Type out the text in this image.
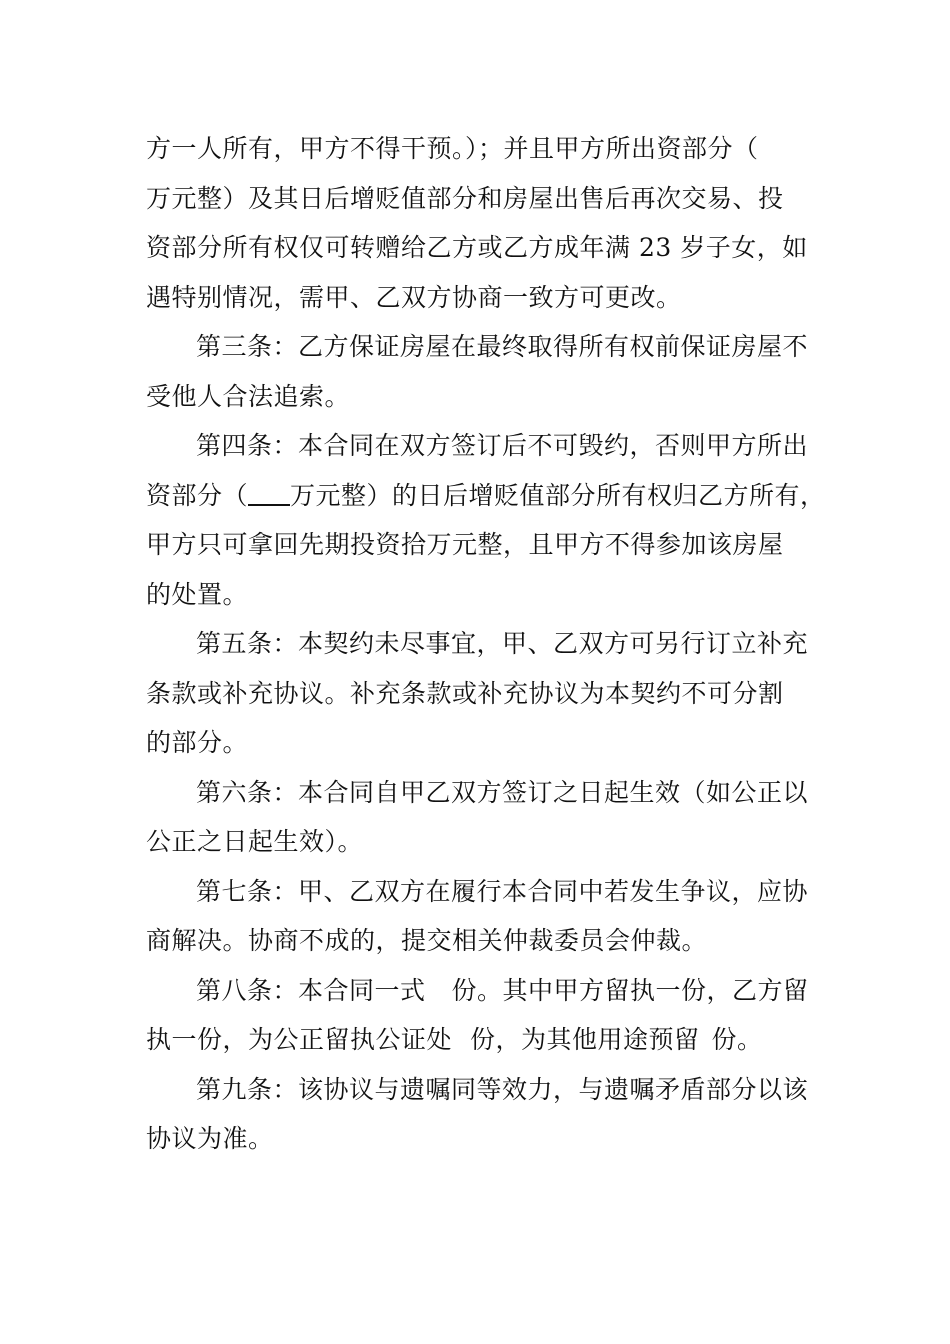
方一人所有，甲方不得干预。）；并且甲方所出资部分（
万元整）及其日后增贬值部分和房屋出售后再次交易、投
资部分所有权仅可转赠给乙方或乙方成年满 23 岁子女，如
遇特别情况，需甲、乙双方协商一致方可更改。
第三条：乙方保证房屋在最终取得所有权前保证房屋不
受他人合法追索。
第四条：本合同在双方签订后不可毁约，否则甲方所出
资部分（ 万元整）的日后增贬值部分所有权归乙方所有，
甲方只可拿回先期投资拾万元整，且甲方不得参加该房屋
的处置。
第五条：本契约未尽事宜，甲、乙双方可另行订立补充
条款或补充协议。补充条款或补充协议为本契约不可分割
的部分。
第六条：本合同自甲乙双方签订之日起生效（如公正以
公正之日起生效）。
第七条：甲、乙双方在履行本合同中若发生争议，应协
商解决。协商不成的，提交相关仲裁委员会仲裁。
第八条：本合同一式 份。其中甲方留执一份，乙方留
执一份，为公正留执公证处 份，为其他用途预留 份。
第九条：该协议与遗嘱同等效力，与遗嘱矛盾部分以该
协议为准。
